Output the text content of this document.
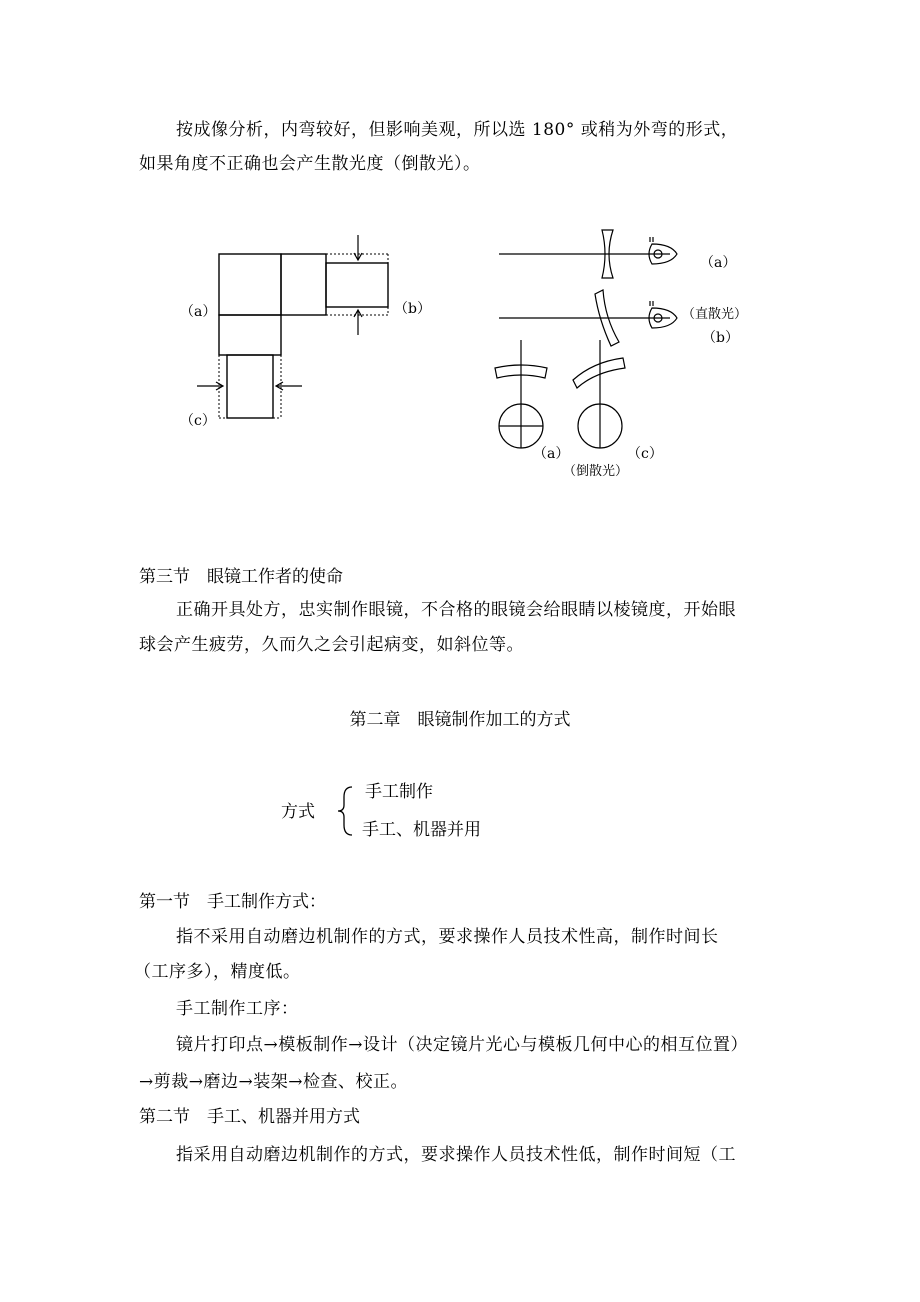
按成像分析，内弯较好，但影响美观，所以选 180° 或稍为外弯的形式，
如果角度不正确也会产生散光度（倒散光）。
（a）	（b）
（c）
（a）
（直散光）
（b）
（a）	（c）
（倒散光）
第三节　眼镜工作者的使命
正确开具处方，忠实制作眼镜，不合格的眼镜会给眼睛以棱镜度，开始眼
球会产生疲劳，久而久之会引起病变，如斜位等。
第二章　眼镜制作加工的方式
方式
手工制作
手工、机器并用
第一节　手工制作方式：
指不采用自动磨边机制作的方式，要求操作人员技术性高，制作时间长
（工序多），精度低。
手工制作工序：
镜片打印点→模板制作→设计（决定镜片光心与模板几何中心的相互位置）
→剪裁→磨边→装架→检查、校正。
第二节　手工、机器并用方式
指采用自动磨边机制作的方式，要求操作人员技术性低，制作时间短（工
